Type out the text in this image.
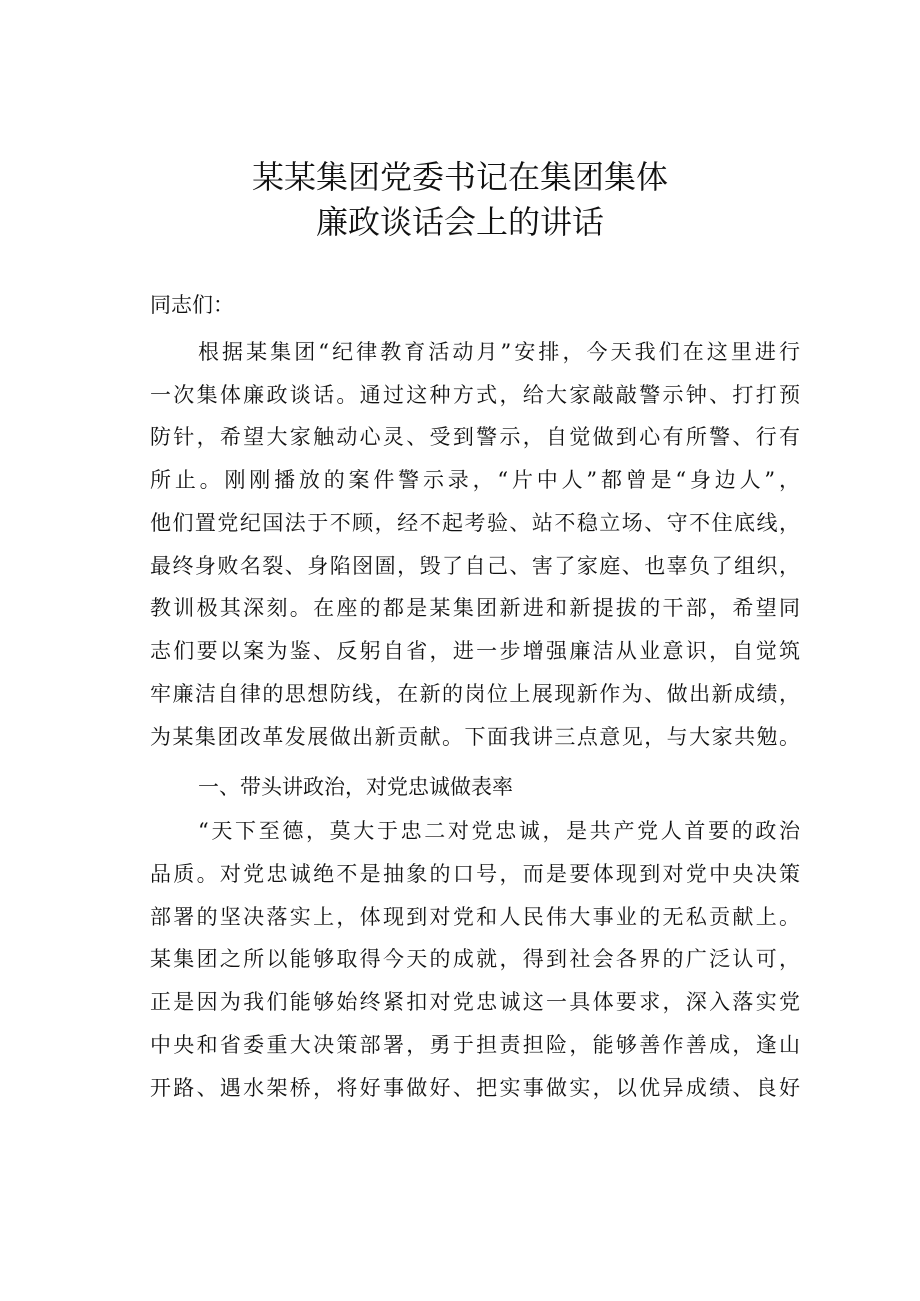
某某集团党委书记在集团集体
廉政谈话会上的讲话
同志们：
根据某集团“纪律教育活动月”安排，今天我们在这里进行
一次集体廉政谈话。通过这种方式，给大家敲敲警示钟、打打预
防针，希望大家触动心灵、受到警示，自觉做到心有所警、行有
所止。刚刚播放的案件警示录，“片中人”都曾是“身边人”，
他们置党纪国法于不顾，经不起考验、站不稳立场、守不住底线，
最终身败名裂、身陷囹圄，毁了自己、害了家庭、也辜负了组织，
教训极其深刻。在座的都是某集团新进和新提拔的干部，希望同
志们要以案为鉴、反躬自省，进一步增强廉洁从业意识，自觉筑
牢廉洁自律的思想防线，在新的岗位上展现新作为、做出新成绩，
为某集团改革发展做出新贡献。下面我讲三点意见，与大家共勉。
一、带头讲政治，对党忠诚做表率
“天下至德，莫大于忠二对党忠诚，是共产党人首要的政治
品质。对党忠诚绝不是抽象的口号，而是要体现到对党中央决策
部署的坚决落实上，体现到对党和人民伟大事业的无私贡献上。
某集团之所以能够取得今天的成就，得到社会各界的广泛认可，
正是因为我们能够始终紧扣对党忠诚这一具体要求，深入落实党
中央和省委重大决策部署，勇于担责担险，能够善作善成，逢山
开路、遇水架桥，将好事做好、把实事做实，以优异成绩、良好
